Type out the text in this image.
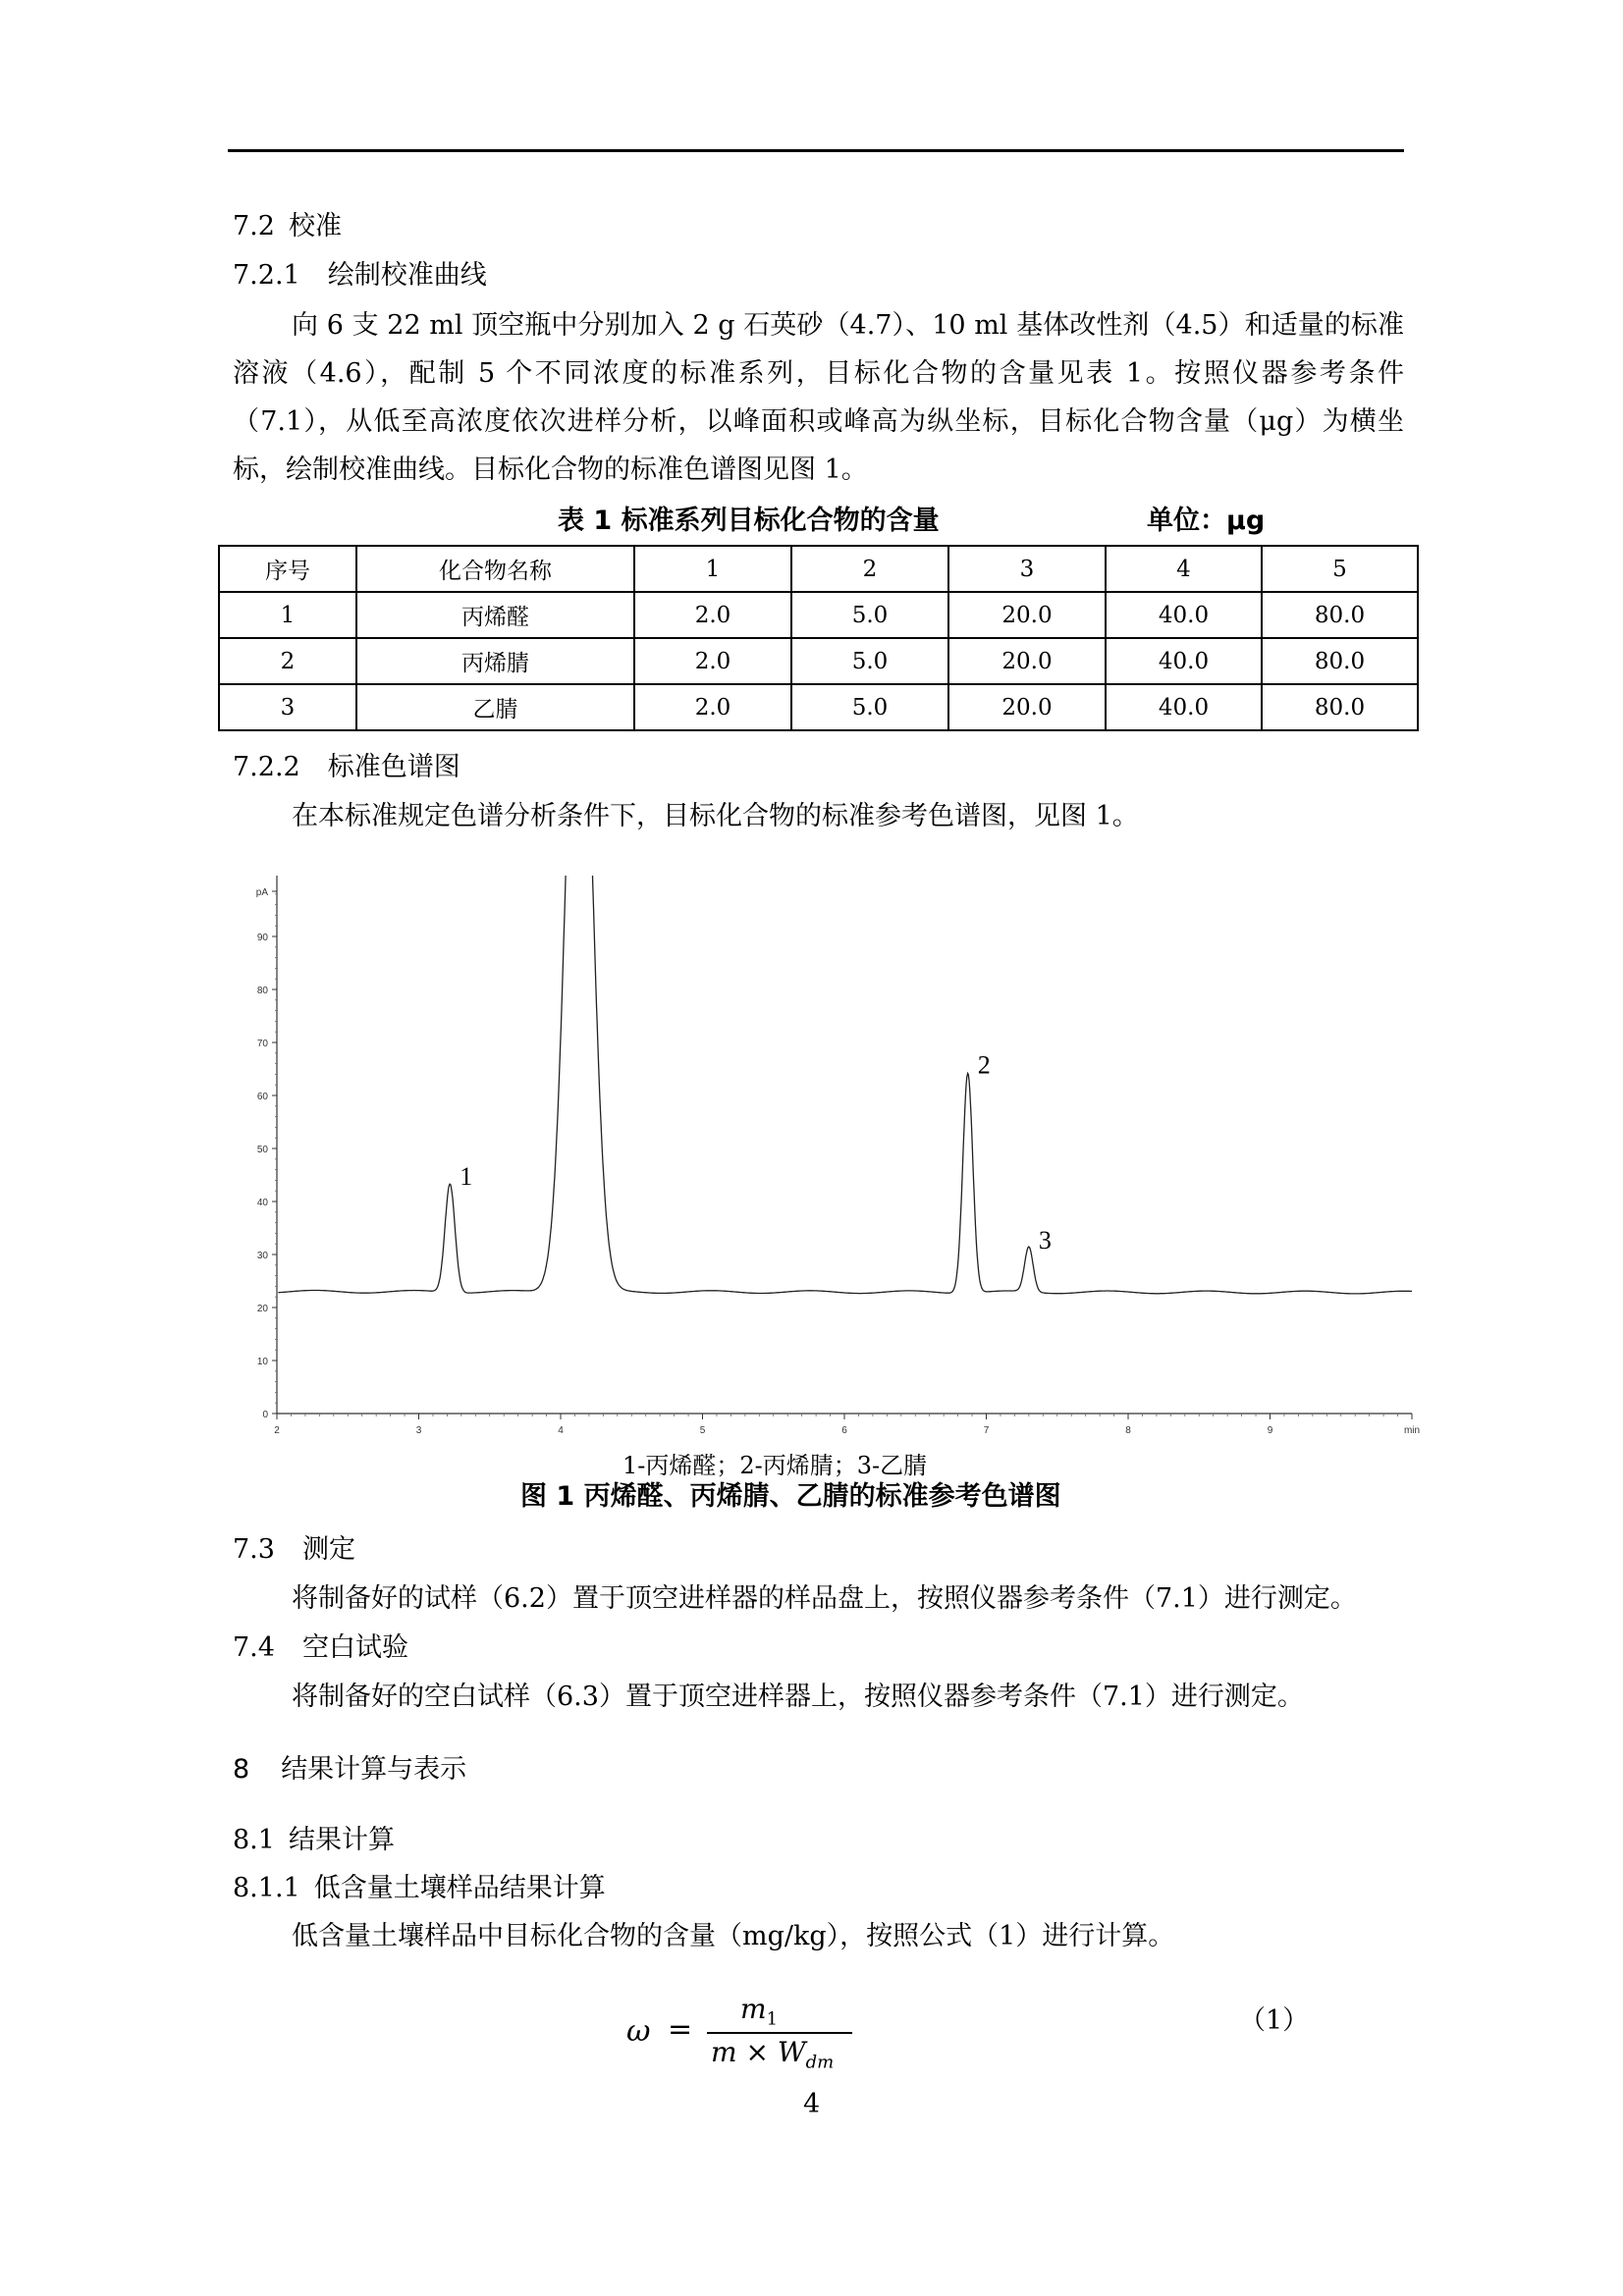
7.2 校准
7.2.1 绘制校准曲线
向 6 支 22 ml 顶空瓶中分别加入 2 g 石英砂（4.7）、10 ml 基体改性剂（4.5）和适量的标准溶液（4.6），配制 5 个不同浓度的标准系列，目标化合物的含量见表 1。按照仪器参考条件（7.1），从低至高浓度依次进样分析，以峰面积或峰高为纵坐标，目标化合物含量（μg）为横坐标，绘制校准曲线。目标化合物的标准色谱图见图 1。
表 1 标准系列目标化合物的含量	单位：μg
序号	化合物名称	1	2	3	4	5
1	丙烯醛	2.0	5.0	20.0	40.0	80.0
2	丙烯腈	2.0	5.0	20.0	40.0	80.0
3	乙腈	2.0	5.0	20.0	40.0	80.0
7.2.2 标准色谱图
在本标准规定色谱分析条件下，目标化合物的标准参考色谱图，见图 1。
0
10
20
30
40
50
60
70
80
90
pA
2	3	4	5	6	7	8	9	min
1
2
3
1-丙烯醛；2-丙烯腈；3-乙腈
图 1 丙烯醛、丙烯腈、乙腈的标准参考色谱图
7.3 测定
将制备好的试样（6.2）置于顶空进样器的样品盘上，按照仪器参考条件（7.1）进行测定。
7.4 空白试验
将制备好的空白试样（6.3）置于顶空进样器上，按照仪器参考条件（7.1）进行测定。
8 结果计算与表示
8.1 结果计算
8.1.1 低含量土壤样品结果计算
低含量土壤样品中目标化合物的含量（mg/kg），按照公式（1）进行计算。
ω =
$m_1$
$m \times W_{dm}$
（1）
4
